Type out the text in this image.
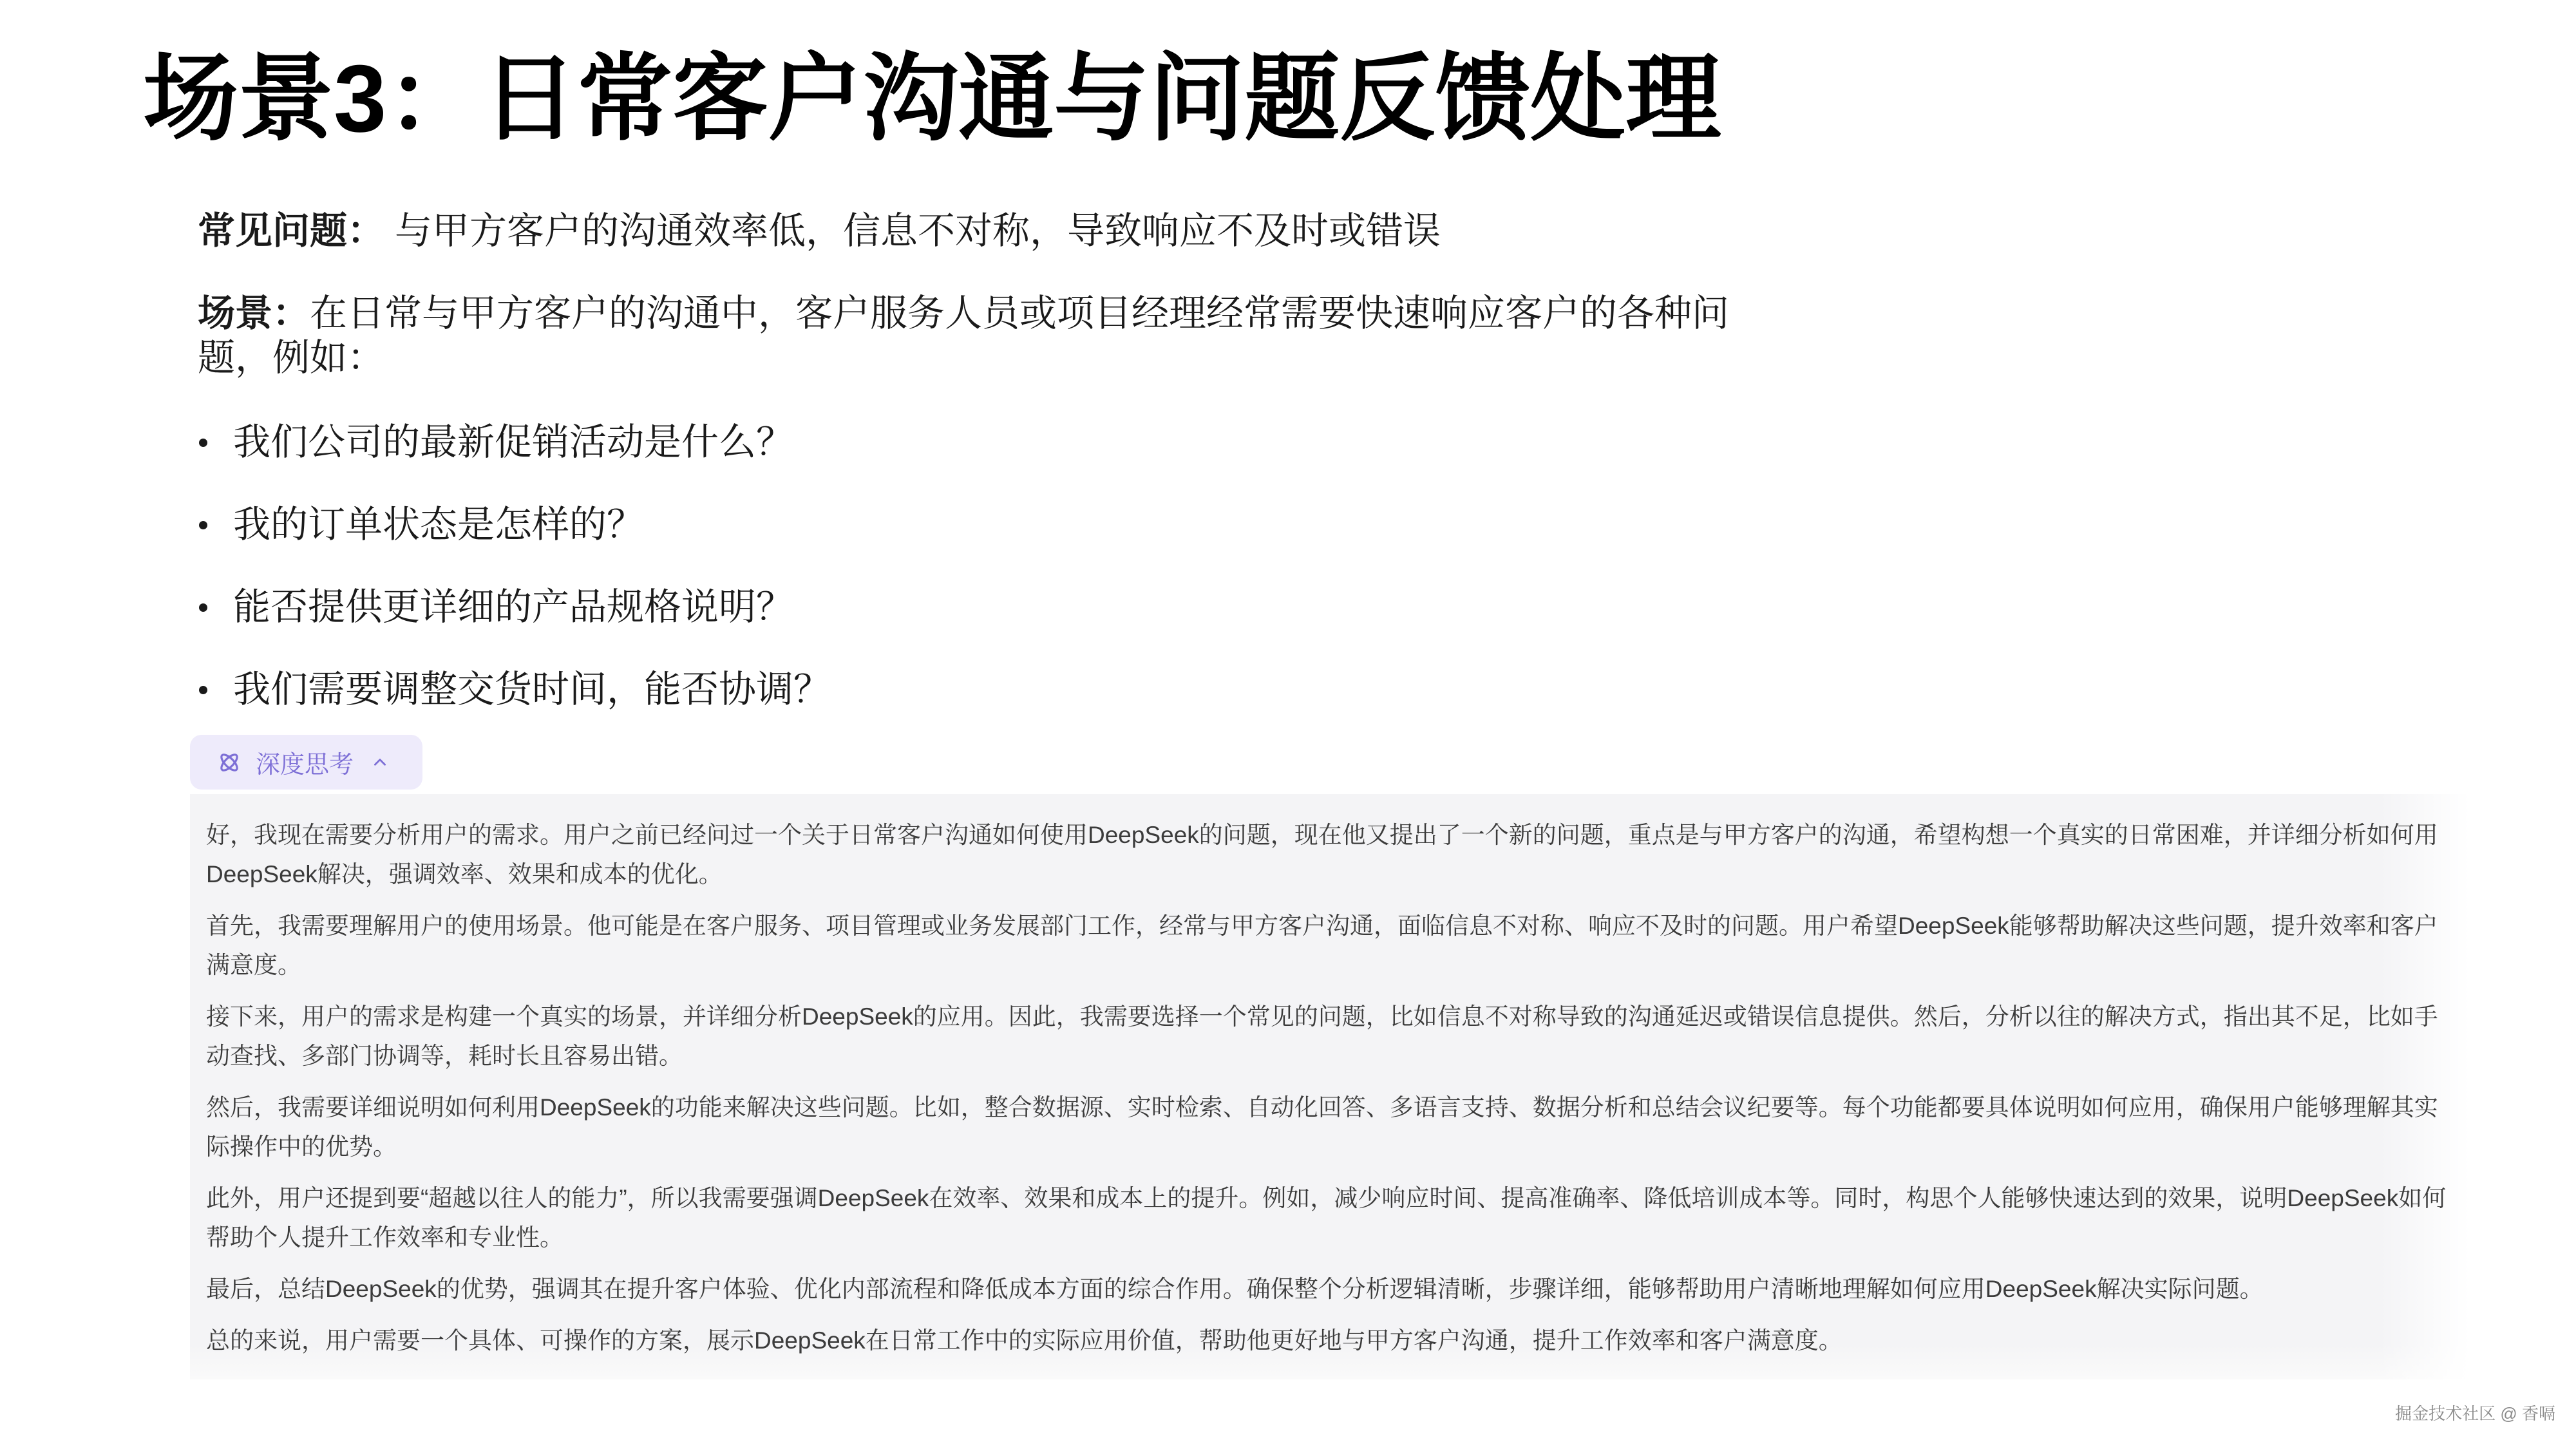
场景3：日常客户沟通与问题反馈处理

常见问题： 与甲方客户的沟通效率低，信息不对称，导致响应不及时或错误

场景：在日常与甲方客户的沟通中，客户服务人员或项目经理经常需要快速响应客户的各种问题，例如：

我们公司的最新促销活动是什么？
我的订单状态是怎样的？
能否提供更详细的产品规格说明？
我们需要调整交货时间，能否协调？
深度思考

好，我现在需要分析用户的需求。用户之前已经问过一个关于日常客户沟通如何使用DeepSeek的问题，现在他又提出了一个新的问题，重点是与甲方客户的沟通，希望构想一个真实的日常困难，并详细分析如何用DeepSeek解决，强调效率、效果和成本的优化。

首先，我需要理解用户的使用场景。他可能是在客户服务、项目管理或业务发展部门工作，经常与甲方客户沟通，面临信息不对称、响应不及时的问题。用户希望DeepSeek能够帮助解决这些问题，提升效率和客户满意度。

接下来，用户的需求是构建一个真实的场景，并详细分析DeepSeek的应用。因此，我需要选择一个常见的问题，比如信息不对称导致的沟通延迟或错误信息提供。然后，分析以往的解决方式，指出其不足，比如手动查找、多部门协调等，耗时长且容易出错。

然后，我需要详细说明如何利用DeepSeek的功能来解决这些问题。比如，整合数据源、实时检索、自动化回答、多语言支持、数据分析和总结会议纪要等。每个功能都要具体说明如何应用，确保用户能够理解其实际操作中的优势。

此外，用户还提到要“超越以往人的能力”，所以我需要强调DeepSeek在效率、效果和成本上的提升。例如，减少响应时间、提高准确率、降低培训成本等。同时，构思个人能够快速达到的效果，说明DeepSeek如何帮助个人提升工作效率和专业性。

最后，总结DeepSeek的优势，强调其在提升客户体验、优化内部流程和降低成本方面的综合作用。确保整个分析逻辑清晰，步骤详细，能够帮助用户清晰地理解如何应用DeepSeek解决实际问题。

总的来说，用户需要一个具体、可操作的方案，展示DeepSeek在日常工作中的实际应用价值，帮助他更好地与甲方客户沟通，提升工作效率和客户满意度。

掘金技术社区 @ 香嗝
